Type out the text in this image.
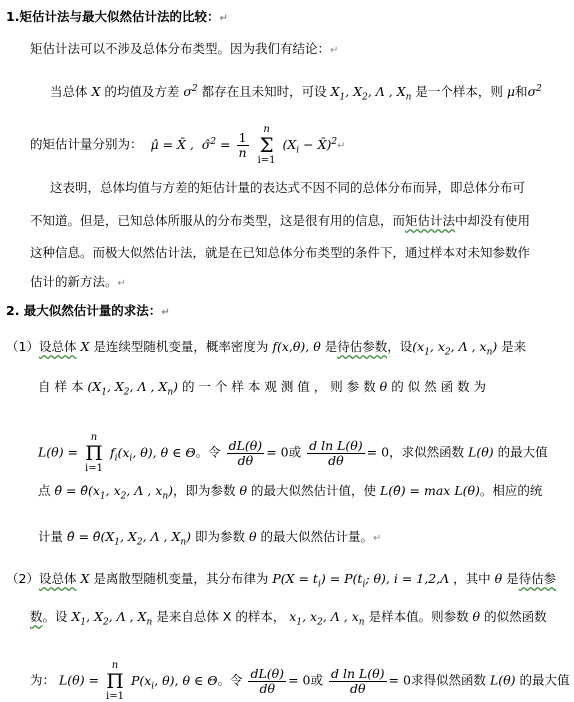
1.矩估计法与最大似然估计法的比较：↵
矩估计法可以不涉及总体分布类型。因为我们有结论：↵
当总体 X 的均值及方差 $\sigma^2$ 都存在且未知时，可设 $X_1$, $X_2$, Λ , $X_n$ 是一个样本，则 μ和$\sigma^2$
的矩估计量分别为：  μ̂ = X̄ ,  σ̂$^2$ = $\frac{1}{n}$
n
Σ
i=1 ($X_i$ − X̄)$^2$↵
这表明，总体均值与方差的矩估计量的表达式不因不同的总体分布而异，即总体分布可
不知道。但是，已知总体所服从的分布类型，这是很有用的信息，而矩估计法中却没有使用
这种信息。而极大似然估计法，就是在已知总体分布类型的条件下，通过样本对未知参数作
估计的新方法。↵
2. 最大似然估计量的求法：↵
（1）设总体 X 是连续型随机变量，概率密度为 f(x,θ), θ 是待估参数，设($x_1$, $x_2$, Λ , $x_n$) 是来
自 样 本 ($X_1$, $X_2$, Λ , $X_n$) 的 一 个 样 本 观 测 值 ， 则 参 数 θ 的 似 然 函 数 为
L(θ) = n
Π
i=1 $f_i(x_i$, θ), θ ∈ Θ。令 $\frac{dL(\theta)}{d\theta} = 0$或 $\frac{\text{d ln L(θ)}}{d\theta} = 0$，求似然函数 L(θ) 的最大值
点 θ̂ = $\thetâ(x_1$, $x_2$, Λ , $x_n$)，即为参数 θ 的最大似然估计值，使 L(θ̂) = max L(θ)。相应的统
计量 θ̂ = $\thetâ(X_1$, $X_2$, Λ , $X_n$) 即为参数 θ 的最大似然估计量。↵
（2）设总体 X 是离散型随机变量，其分布律为 $P(X = t_i) = P(t_i$; θ), i = 1,2,Λ ，其中 θ 是待估参
数。设 $X_1$, $X_2$, Λ , $X_n$ 是来自总体 X 的样本， $x_1$, $x_2$, Λ , $x_n$ 是样本值。则参数 θ 的似然函数
为： L(θ) = n
Π
i=1 $P(x_i$, θ), θ ∈ Θ。令 $\frac{dL(\theta)}{d\theta} = 0$或 $\frac{\text{d ln L(θ)}}{d\theta} = 0$求得似然函数 L(θ) 的最大值
